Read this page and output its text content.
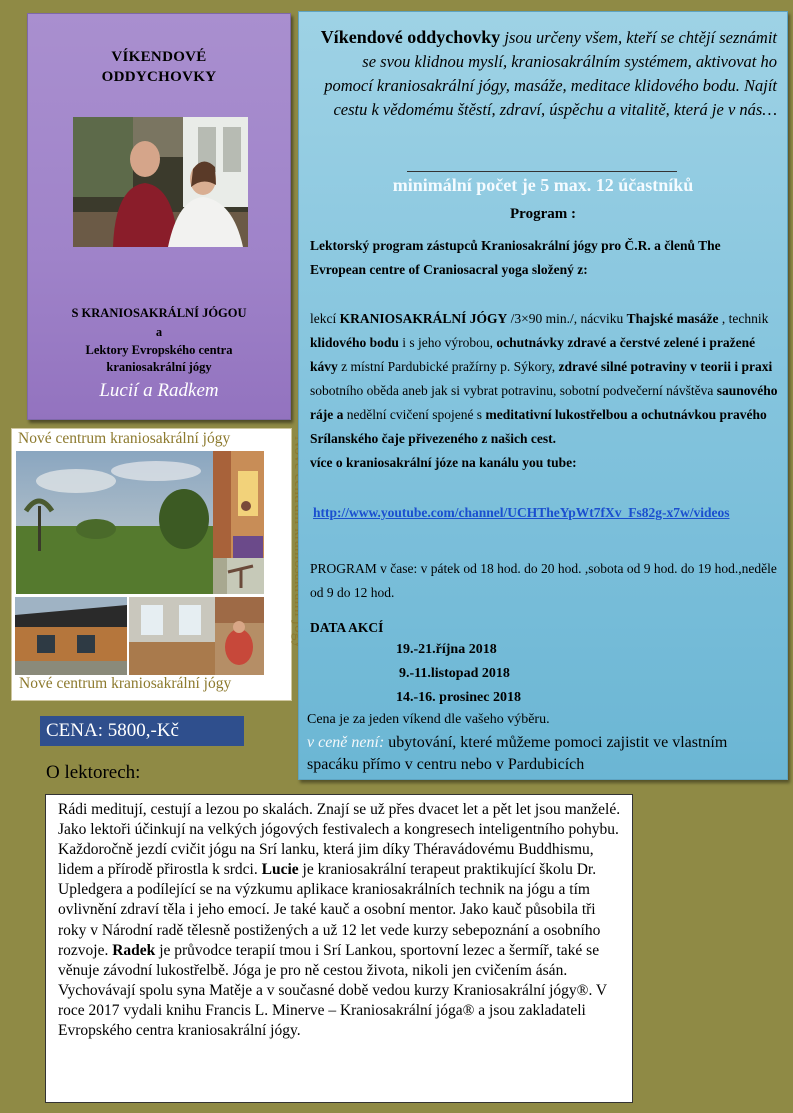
VÍKENDOVÉ
ODDYCHOVKY
S KRANIOSAKRÁLNÍ JÓGOU
a
Lektory Evropského centra
kraniosakrální jógy
Lucií a Radkem
Nové centrum kraniosakrální jógy
Nové centrum kraniosakrální jógy
CENA: 5800,-Kč
O lektorech:
Víkendové oddychovky jsou určeny všem, kteří se chtějí seznámit se svou klidnou myslí, kraniosakrálním systémem, aktivovat ho pomocí kraniosakrální jógy, masáže, meditace klidového bodu. Najít cestu k vědomému štěstí, zdraví, úspěchu a vitalitě, která je v nás…
minimální počet je 5 max. 12 účastníků
Program :
Lektorský program zástupců Kraniosakrální jógy pro Č.R. a členů The Evropean centre of Craniosacral yoga složený z:
lekcí KRANIOSAKRÁLNÍ JÓGY /3×90 min./, nácviku Thajské masáže , technik klidového bodu i s jeho výrobou, ochutnávky zdravé a čerstvé zelené i pražené kávy z místní Pardubické pražírny p. Sýkory, zdravé silné potraviny v teorii i praxi sobotního oběda aneb jak si vybrat potravinu, sobotní podvečerní návštěva saunového ráje a nedělní cvičení spojené s meditativní lukostřelbou a ochutnávkou pravého Srílanského čaje přivezeného z našich cest.
více o kraniosakrální józe na kanálu you tube:
http://www.youtube.com/channel/UCHTheYpWt7fXv_Fs82g-x7w/videos
PROGRAM v čase: v pátek od 18 hod. do 20 hod. ,sobota od 9 hod. do 19 hod.,neděle od 9 do 12 hod.
DATA AKCÍ
19.-21.října 2018
9.-11.listopad 2018
14.-16. prosinec 2018
Cena je za jeden víkend dle vašeho výběru.
v ceně není: ubytování, které můžeme pomoci zajistit ve vlastním spacáku přímo v centru nebo v Pardubicích
Rádi meditují, cestují a lezou po skalách. Znají se už přes dvacet let a pět let jsou manželé. Jako lektoři účinkují na velkých jógových festivalech a kongresech inteligentního pohybu. Každoročně jezdí cvičit jógu na Srí lanku, která jim díky Théravádovému Buddhismu, lidem a přírodě přirostla k srdci. Lucie je kraniosakrální terapeut praktikující školu Dr. Upledgera a podílející se na výzkumu aplikace kraniosakrálních technik na jógu a tím ovlivnění zdraví těla i jeho emocí. Je také kauč a osobní mentor. Jako kauč působila tři roky v Národní radě tělesně postižených a už 12 let vede kurzy sebepoznání a osobního rozvoje. Radek je průvodce terapií tmou i Srí Lankou, sportovní lezec a šermíř, také se věnuje závodní lukostřelbě. Jóga je pro ně cestou života, nikoli jen cvičením ásán. Vychovávají spolu syna Matěje a v současné době vedou kurzy Kraniosakrální jógy®. V roce 2017 vydali knihu Francis L. Minerve – Kraniosakrální jóga® a jsou zakladateli Evropského centra kraniosakrální jógy.
